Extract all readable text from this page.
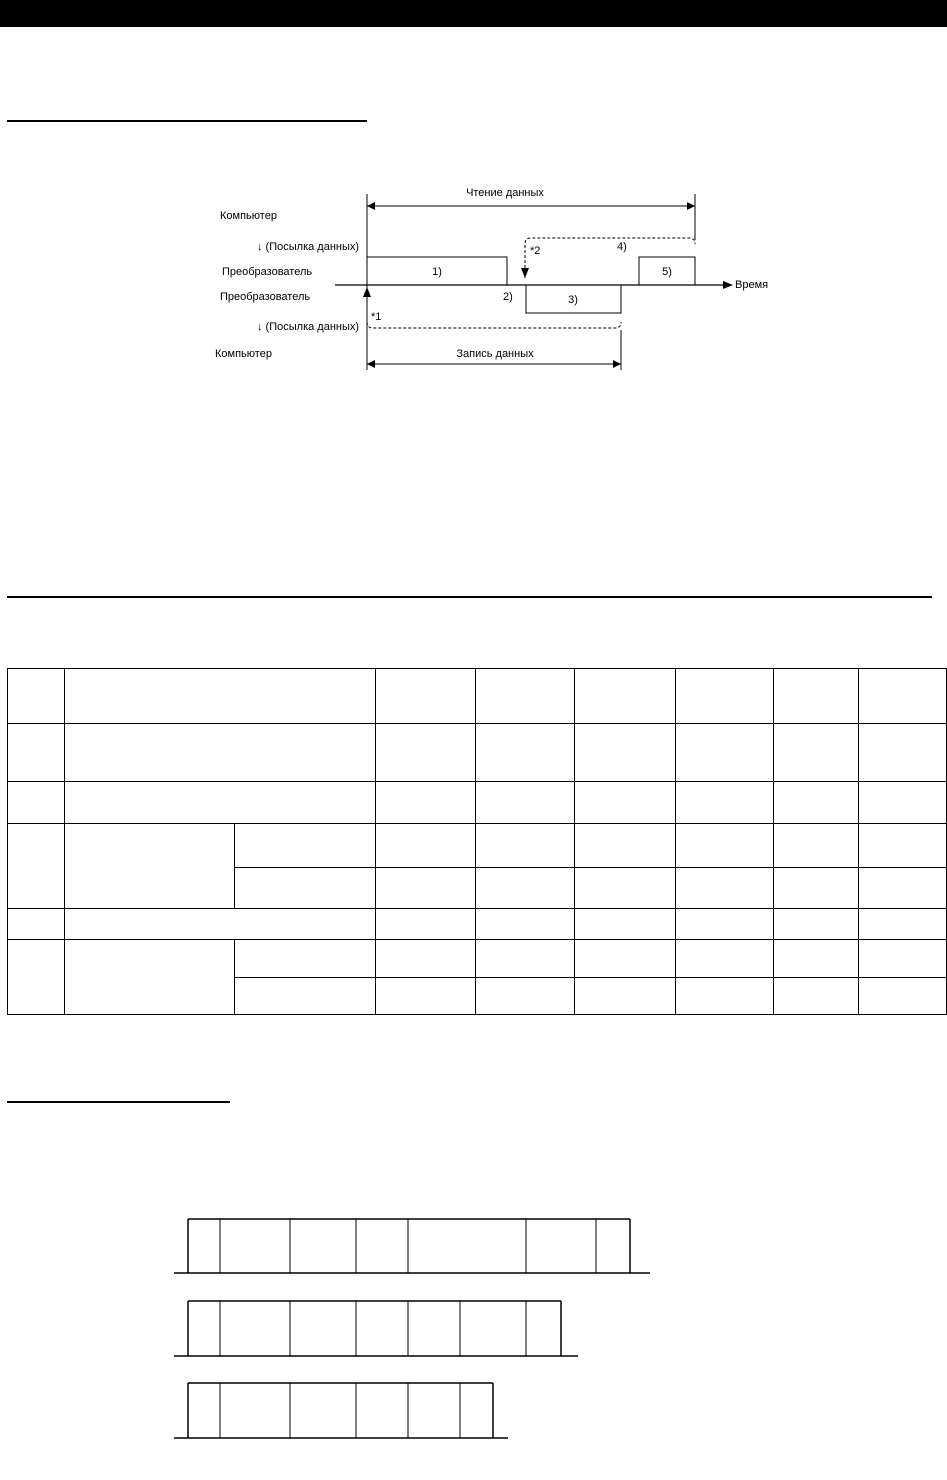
Чтение данных
Запись данных
Компьютер
↓ (Посылка данных)
Преобразователь
Преобразователь
↓ (Посылка данных)
Компьютер
Время
1)
3)
5)
2)
*2	4)
*1
